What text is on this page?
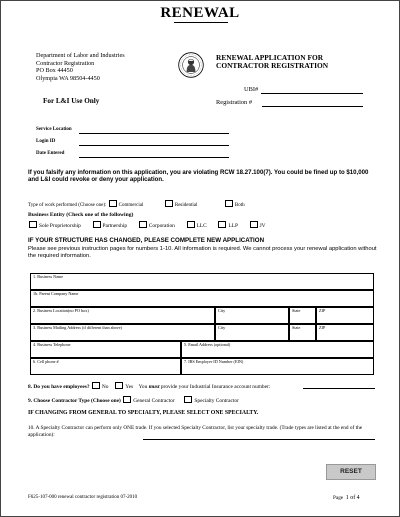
RENEWAL
Department of Labor and Industries
Contractor Registration
PO Box 44450
Olympia WA 98504-4450
RENEWAL APPLICATION FOR
CONTRACTOR REGISTRATION
UBI#
Registration #
For L&I Use Only
Service Location
Login ID
Date Entered
If you falsify any information on this application, you are violating RCW 18.27.100(7). You could be fined up to $10,000 and L&I could revoke or deny your application.
Type of work performed (Choose one): Commercial	Residential	Both
Business Entity (Check one of the following)
Sole Proprietorship	Partnership	Corporation	LLC	LLP	JV
IF YOUR STRUCTURE HAS CHANGED, PLEASE COMPLETE NEW APPLICATION
Please see previous instruction pages for numbers 1-10. All information is required. We cannot process your renewal application without the required information.
1. Business Name
1b. Parent Company Name
2. Business Location(no PO box)	City	State	ZIP
3. Business Mailing Address (if different than above)	City	State	ZIP
4. Business Telephone	5. Email Address (optional)
6. Cell phone #	7. IRS Employer ID Number (EIN)
8. Do you have employees? No	Yes You must provide your Industrial Insurance account number:
9. Choose Contractor Type (Choose one) General Contractor	Specialty Contractor
IF CHANGING FROM GENERAL TO SPECIALTY, PLEASE SELECT ONE SPECIALTY.
10. A Specialty Contractor can perform only ONE trade. If you selected Specialty Contractor, list your specialty trade. (Trade types are listed at the end of the application):
RESET
F625-107-000 renewal contractor registration 07-2010	Page 1 of 4
